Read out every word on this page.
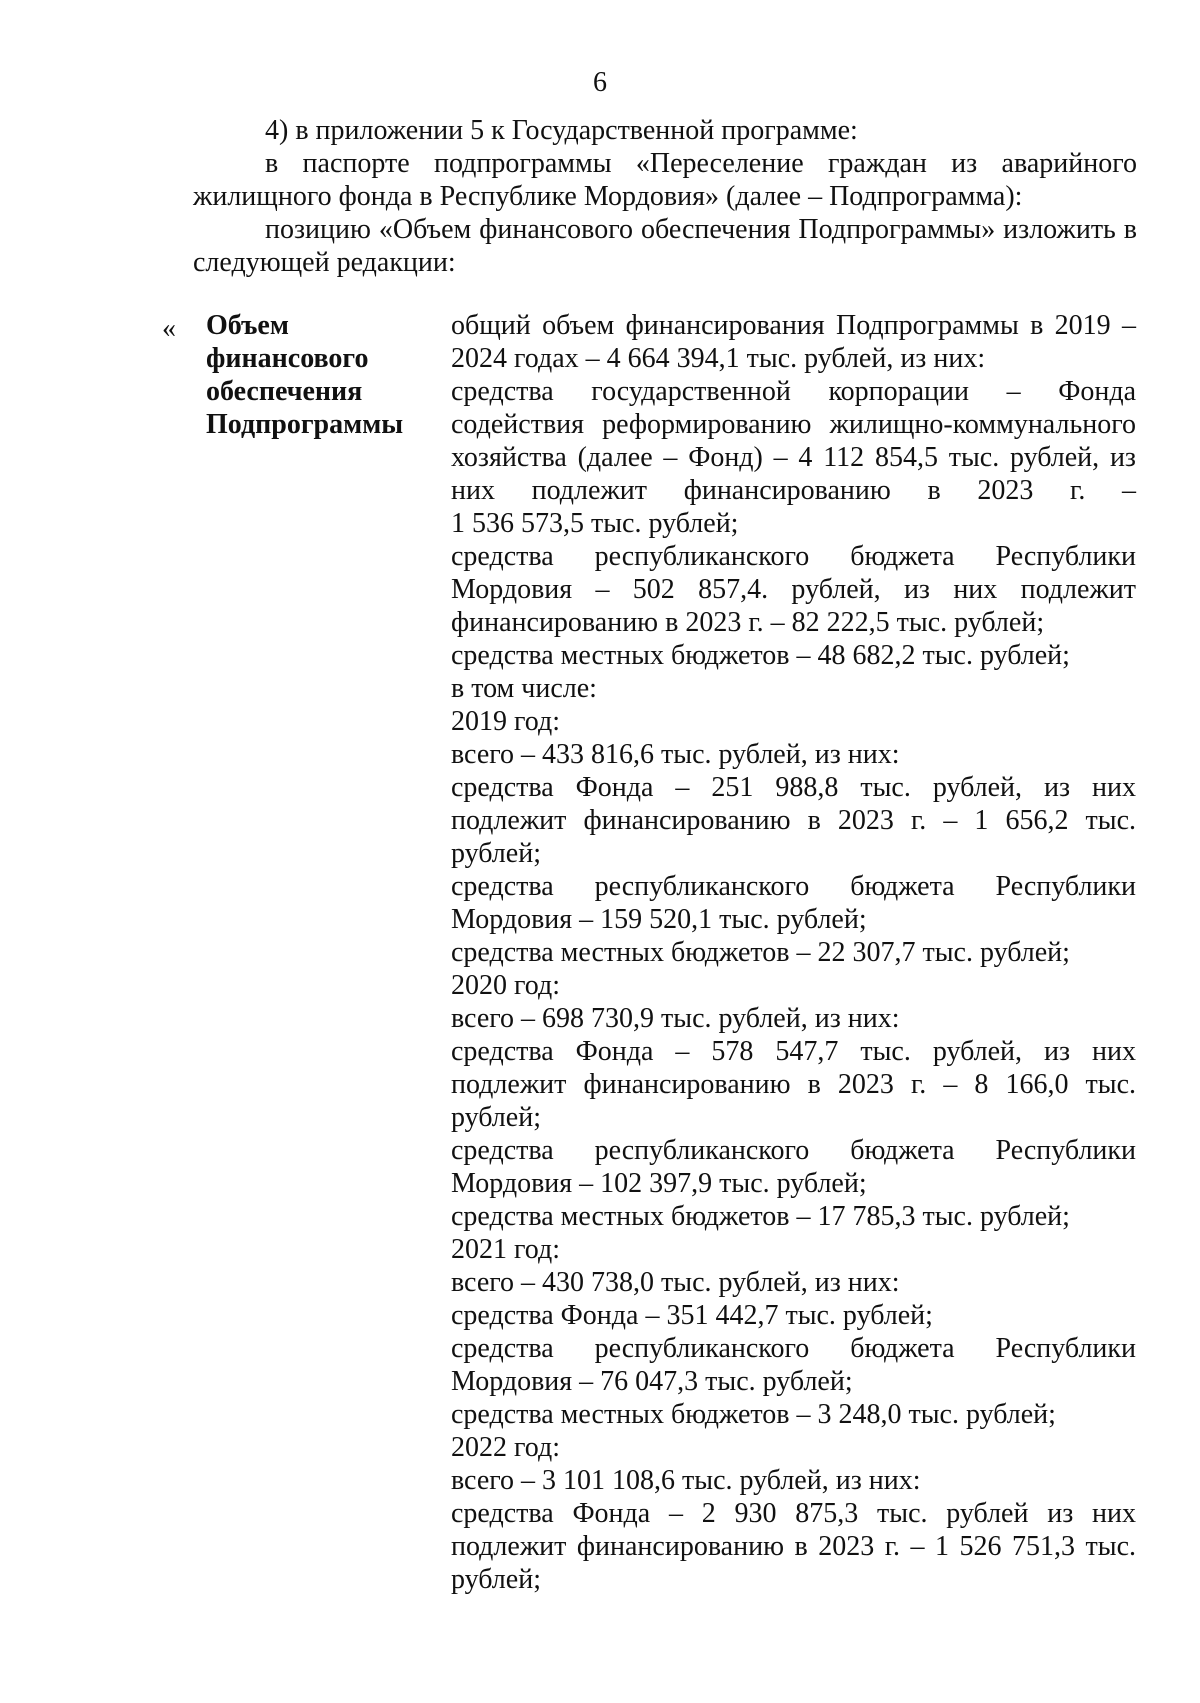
6

4) в приложении 5 к Государственной программе:

в паспорте подпрограммы «Переселение граждан из аварийного жилищного фонда в Республике Мордовия» (далее – Подпрограмма):

позицию «Объем финансового обеспечения Подпрограммы» изложить в следующей редакции:

« Объем
финансового
обеспечения
Подпрограммы

общий объем финансирования Подпрограммы в 2019 – 2024 годах – 4 664 394,1 тыс. рублей, из них:

средства государственной корпорации – Фонда содействия реформированию жилищно-коммунального хозяйства (далее – Фонд) – 4 112 854,5 тыс. рублей, из них подлежит финансированию в 2023 г. –

1 536 573,5 тыс. рублей;

средства республиканского бюджета Республики Мордовия – 502 857,4. рублей, из них подлежит финансированию в 2023 г. – 82 222,5 тыс. рублей;

средства местных бюджетов – 48 682,2 тыс. рублей;

в том числе:

2019 год:

всего – 433 816,6 тыс. рублей, из них:

средства Фонда – 251 988,8 тыс. рублей, из них подлежит финансированию в 2023 г. – 1 656,2 тыс. рублей;

средства республиканского бюджета Республики Мордовия – 159 520,1 тыс. рублей;

средства местных бюджетов – 22 307,7 тыс. рублей;

2020 год:

всего – 698 730,9 тыс. рублей, из них:

средства Фонда – 578 547,7 тыс. рублей, из них подлежит финансированию в 2023 г. – 8 166,0 тыс. рублей;

средства республиканского бюджета Республики Мордовия – 102 397,9 тыс. рублей;

средства местных бюджетов – 17 785,3 тыс. рублей;

2021 год:

всего – 430 738,0 тыс. рублей, из них:

средства Фонда – 351 442,7 тыс. рублей;

средства республиканского бюджета Республики Мордовия – 76 047,3 тыс. рублей;

средства местных бюджетов – 3 248,0 тыс. рублей;

2022 год:

всего – 3 101 108,6 тыс. рублей, из них:

средства Фонда – 2 930 875,3 тыс. рублей из них подлежит финансированию в 2023 г. – 1 526 751,3 тыс. рублей;
